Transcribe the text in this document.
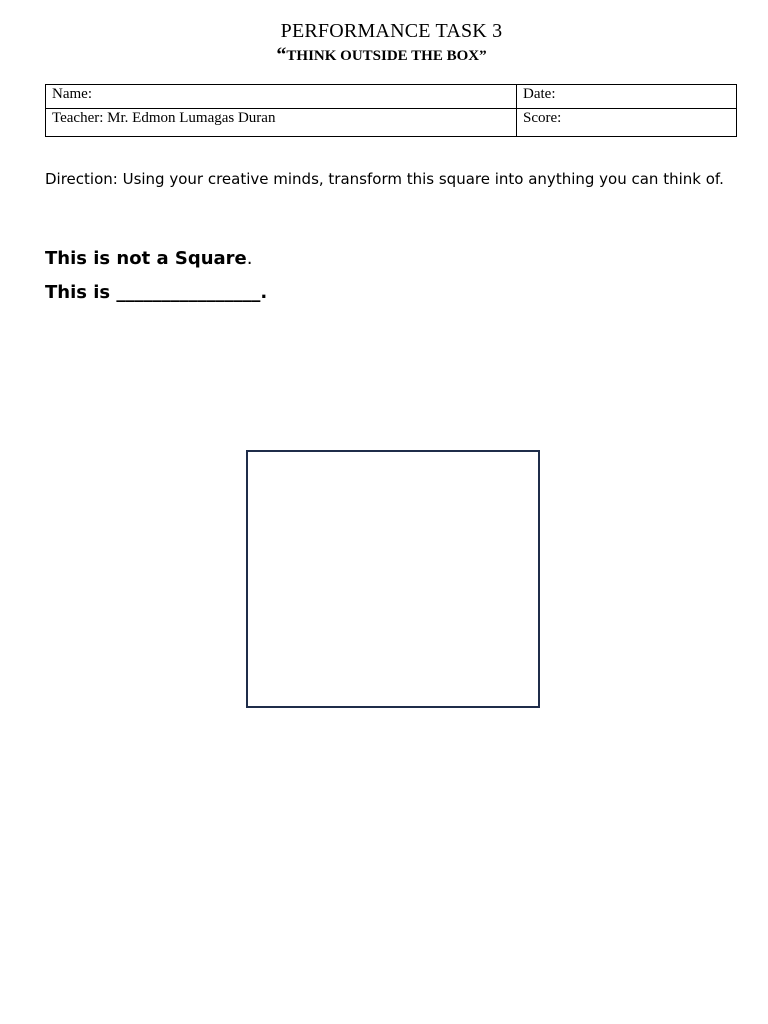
PERFORMANCE TASK 3
“THINK OUTSIDE THE BOX”
Name:	Date:
Teacher: Mr. Edmon Lumagas Duran	Score:
Direction: Using your creative minds, transform this square into anything you can think of.
This is not a Square.
This is ________________.
